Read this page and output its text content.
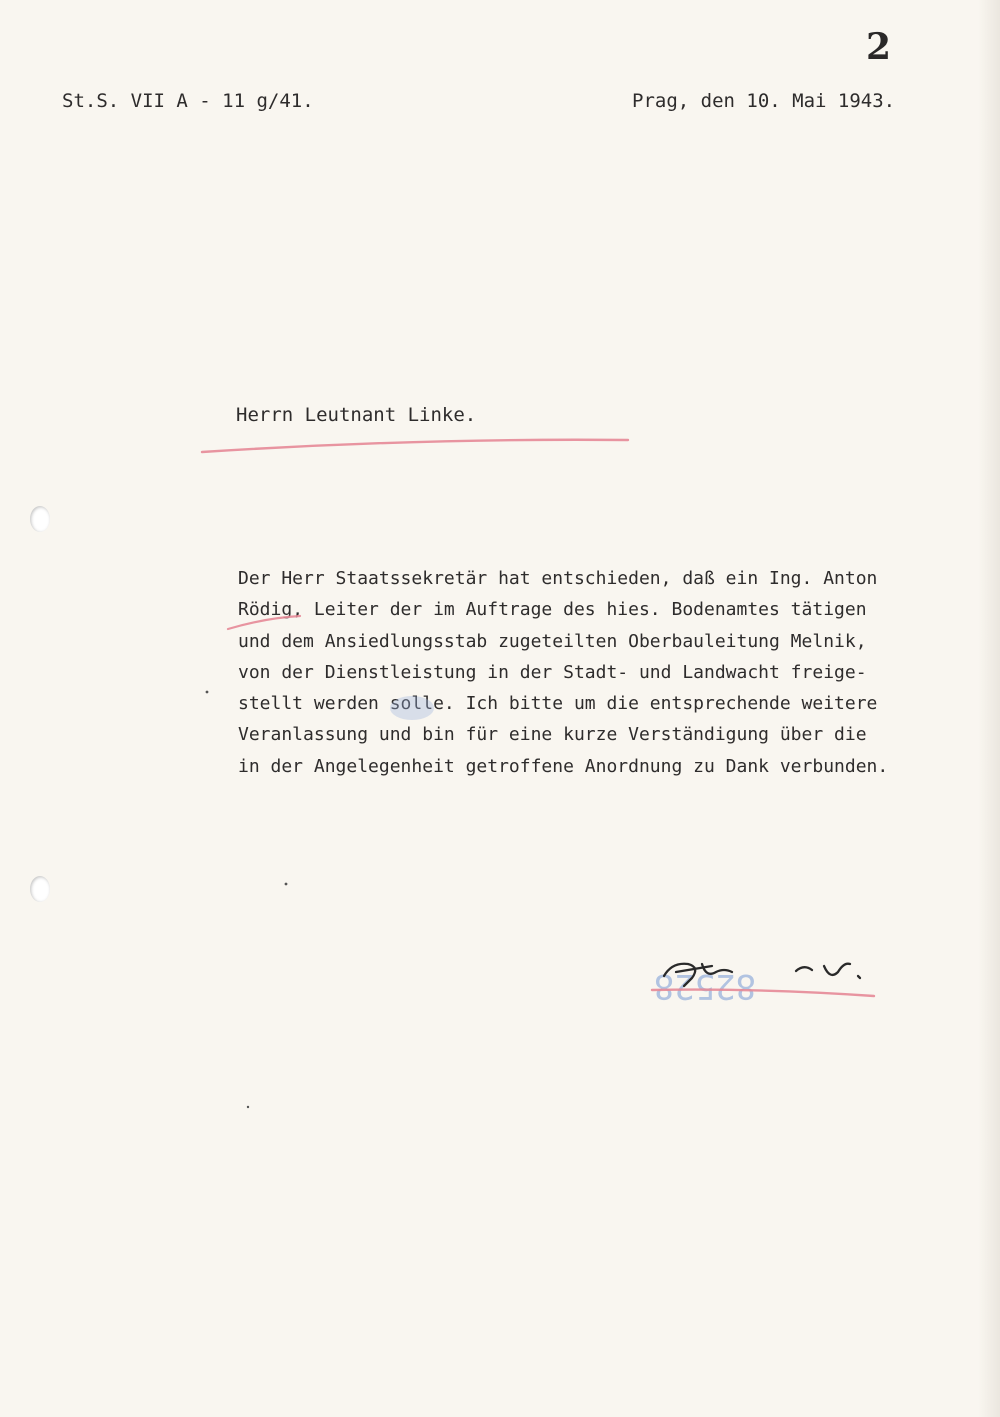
2
St.S. VII A - 11 g/41.	Prag, den 10. Mai 1943.
Herrn Leutnant Linke.
Der Herr Staatssekretär hat entschieden, daß ein Ing. Anton
Rödig, Leiter der im Auftrage des hies. Bodenamtes tätigen
und dem Ansiedlungsstab zugeteilten Oberbauleitung Melnik,
von der Dienstleistung in der Stadt- und Landwacht freige-
stellt werden solle. Ich bitte um die entsprechende weitere
Veranlassung und bin für eine kurze Verständigung über die
in der Angelegenheit getroffene Anordnung zu Dank verbunden.
82528
